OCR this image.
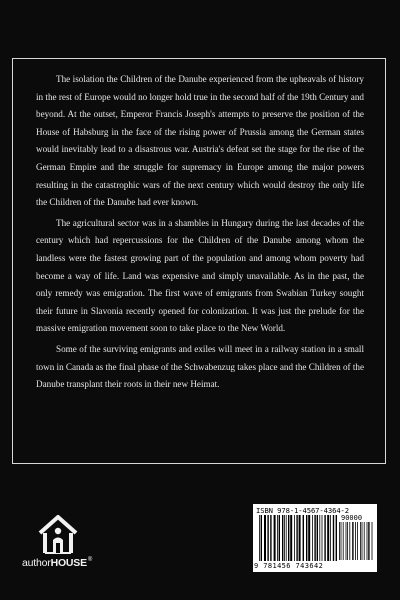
The isolation the Children of the Danube experienced from the upheavals of history in the rest of Europe would no longer hold true in the second half of the 19th Century and beyond. At the outset, Emperor Francis Joseph's attempts to preserve the position of the House of Habsburg in the face of the rising power of Prussia among the German states would inevitably lead to a disastrous war. Austria's defeat set the stage for the rise of the German Empire and the struggle for supremacy in Europe among the major powers resulting in the catastrophic wars of the next century which would destroy the only life the Children of the Danube had ever known.

The agricultural sector was in a shambles in Hungary during the last decades of the century which had repercussions for the Children of the Danube among whom the landless were the fastest growing part of the population and among whom poverty had become a way of life. Land was expensive and simply unavailable. As in the past, the only remedy was emigration. The first wave of emigrants from Swabian Turkey sought their future in Slavonia recently opened for colonization. It was just the prelude for the massive emigration movement soon to take place to the New World.

Some of the surviving emigrants and exiles will meet in a railway station in a small town in Canada as the final phase of the Schwabenzug takes place and the Children of the Danube transplant their roots in their new Heimat.

authorHOUSE®
ISBN 978-1-4567-4364-2
90000
9 781456 743642
